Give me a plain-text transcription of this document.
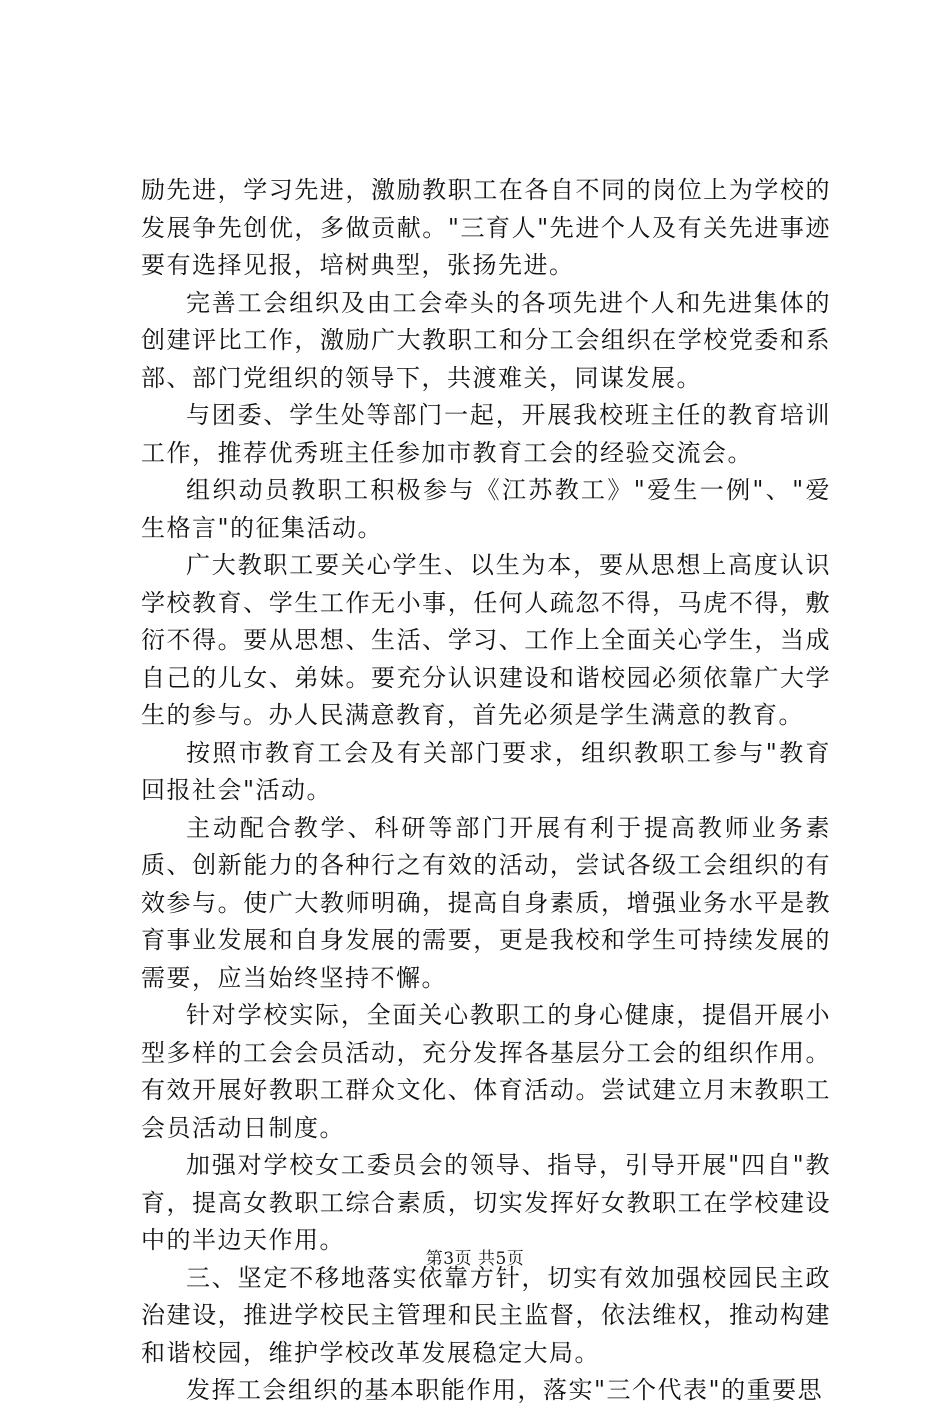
励先进，学习先进，激励教职工在各自不同的岗位上为学校的发展争先创优，多做贡献。"三育人"先进个人及有关先进事迹要有选择见报，培树典型，张扬先进。

完善工会组织及由工会牵头的各项先进个人和先进集体的创建评比工作，激励广大教职工和分工会组织在学校党委和系部、部门党组织的领导下，共渡难关，同谋发展。

与团委、学生处等部门一起，开展我校班主任的教育培训工作，推荐优秀班主任参加市教育工会的经验交流会。

组织动员教职工积极参与《江苏教工》"爱生一例"、"爱生格言"的征集活动。

广大教职工要关心学生、以生为本，要从思想上高度认识学校教育、学生工作无小事，任何人疏忽不得，马虎不得，敷衍不得。要从思想、生活、学习、工作上全面关心学生，当成自己的儿女、弟妹。要充分认识建设和谐校园必须依靠广大学生的参与。办人民满意教育，首先必须是学生满意的教育。

按照市教育工会及有关部门要求，组织教职工参与"教育回报社会"活动。

主动配合教学、科研等部门开展有利于提高教师业务素质、创新能力的各种行之有效的活动，尝试各级工会组织的有效参与。使广大教师明确，提高自身素质，增强业务水平是教育事业发展和自身发展的需要，更是我校和学生可持续发展的需要，应当始终坚持不懈。

针对学校实际，全面关心教职工的身心健康，提倡开展小型多样的工会会员活动，充分发挥各基层分工会的组织作用。有效开展好教职工群众文化、体育活动。尝试建立月末教职工会员活动日制度。

加强对学校女工委员会的领导、指导，引导开展"四自"教育，提高女教职工综合素质，切实发挥好女教职工在学校建设中的半边天作用。

三、坚定不移地落实依靠方针，切实有效加强校园民主政治建设，推进学校民主管理和民主监督，依法维权，推动构建和谐校园，维护学校改革发展稳定大局。

发挥工会组织的基本职能作用，落实"三个代表"的重要思

第3页 共5页
